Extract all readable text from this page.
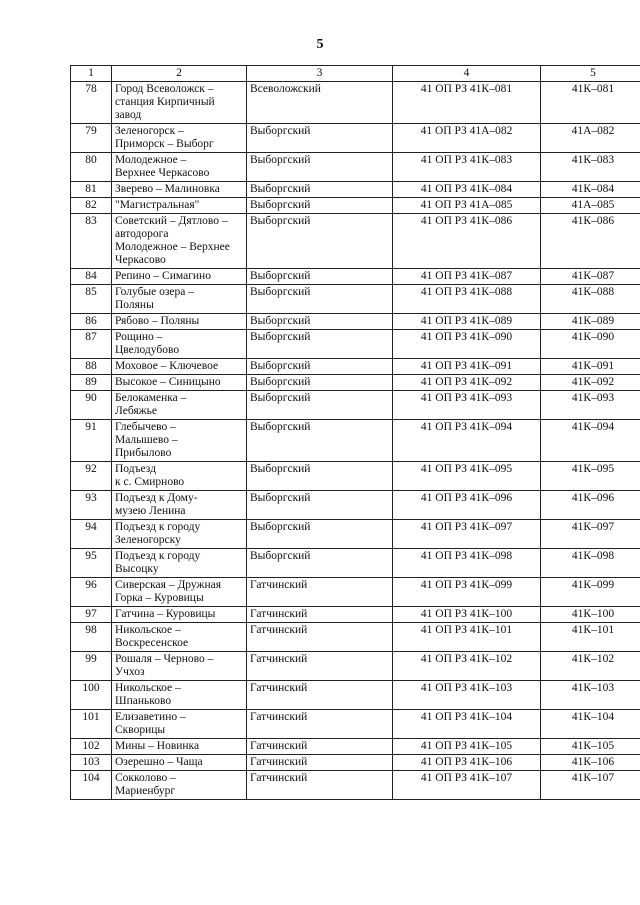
5
1	2	3	4	5
78	Город Всеволожск –
станция Кирпичный
завод	Всеволожский	41 ОП РЗ 41К–081	41К–081
79	Зеленогорск –
Приморск – Выборг	Выборгский	41 ОП РЗ 41А–082	41А–082
80	Молодежное –
Верхнее Черкасово	Выборгский	41 ОП РЗ 41К–083	41К–083
81	Зверево – Малиновка	Выборгский	41 ОП РЗ 41К–084	41К–084
82	"Магистральная"	Выборгский	41 ОП РЗ 41А–085	41А–085
83	Советский – Дятлово –
автодорога
Молодежное – Верхнее
Черкасово	Выборгский	41 ОП РЗ 41К–086	41К–086
84	Репино – Симагино	Выборгский	41 ОП РЗ 41К–087	41К–087
85	Голубые озера –
Поляны	Выборгский	41 ОП РЗ 41К–088	41К–088
86	Рябово – Поляны	Выборгский	41 ОП РЗ 41К–089	41К–089
87	Рощино –
Цвелодубово	Выборгский	41 ОП РЗ 41К–090	41К–090
88	Моховое – Ключевое	Выборгский	41 ОП РЗ 41К–091	41К–091
89	Высокое – Синицыно	Выборгский	41 ОП РЗ 41К–092	41К–092
90	Белокаменка –
Лебяжье	Выборгский	41 ОП РЗ 41К–093	41К–093
91	Глебычево –
Малышево –
Прибылово	Выборгский	41 ОП РЗ 41К–094	41К–094
92	Подъезд
к с. Смирново	Выборгский	41 ОП РЗ 41К–095	41К–095
93	Подъезд к Дому-
музею Ленина	Выборгский	41 ОП РЗ 41К–096	41К–096
94	Подъезд к городу
Зеленогорску	Выборгский	41 ОП РЗ 41К–097	41К–097
95	Подъезд к городу
Высоцку	Выборгский	41 ОП РЗ 41К–098	41К–098
96	Сиверская – Дружная
Горка – Куровицы	Гатчинский	41 ОП РЗ 41К–099	41К–099
97	Гатчина – Куровицы	Гатчинский	41 ОП РЗ 41К–100	41К–100
98	Никольское –
Воскресенское	Гатчинский	41 ОП РЗ 41К–101	41К–101
99	Рошаля – Черново –
Учхоз	Гатчинский	41 ОП РЗ 41К–102	41К–102
100	Никольское –
Шпаньково	Гатчинский	41 ОП РЗ 41К–103	41К–103
101	Елизаветино –
Скворицы	Гатчинский	41 ОП РЗ 41К–104	41К–104
102	Мины – Новинка	Гатчинский	41 ОП РЗ 41К–105	41К–105
103	Озерешно – Чаща	Гатчинский	41 ОП РЗ 41К–106	41К–106
104	Сокколово –
Мариенбург	Гатчинский	41 ОП РЗ 41К–107	41К–107
